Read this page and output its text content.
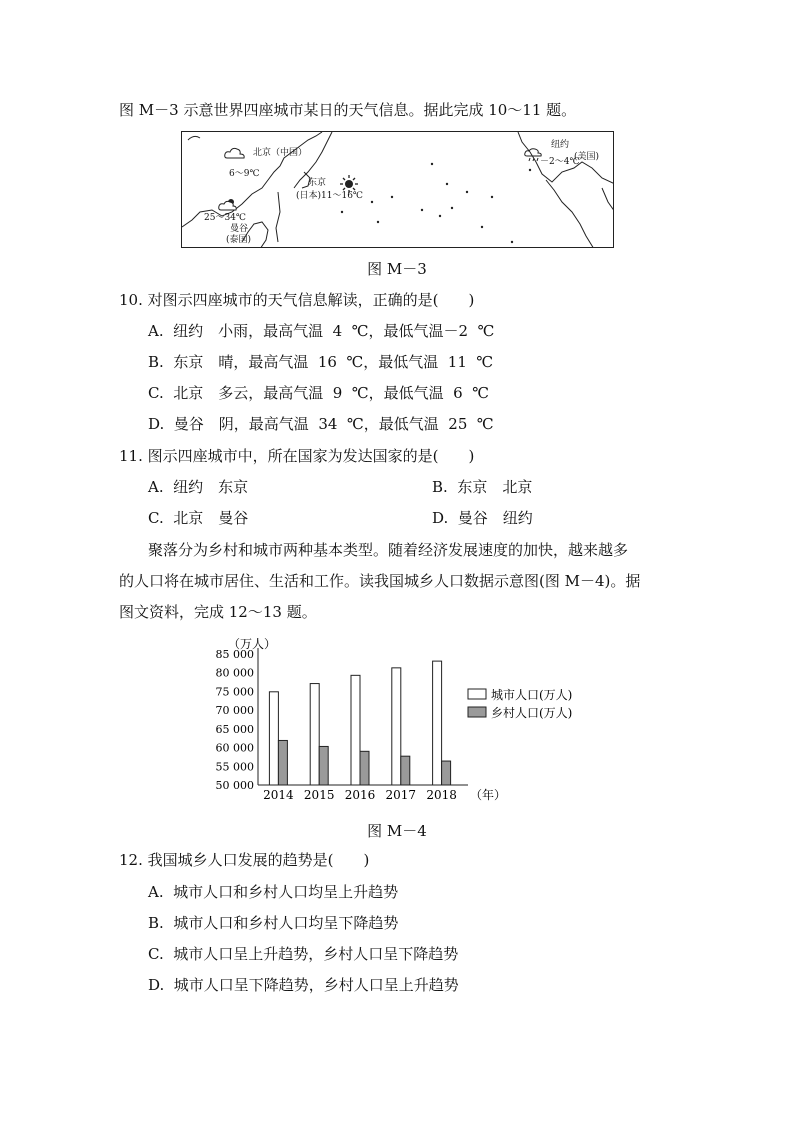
图 M－3 示意世界四座城市某日的天气信息。据此完成 10～11 题。
北京（中国）
6～9℃
东京
(日本)11～16℃
纽约
(美国)
－2～4℃
25～34℃
曼谷
(泰国)
图 M－3
10. 对图示四座城市的天气信息解读，正确的是(　　)
A.  纽约　小雨，最高气温  4  ℃，最低气温－2  ℃
B.  东京　晴，最高气温  16  ℃，最低气温  11  ℃
C.  北京　多云，最高气温  9  ℃，最低气温  6  ℃
D.  曼谷　阴，最高气温  34  ℃，最低气温  25  ℃
11. 图示四座城市中，所在国家为发达国家的是(　　)
A.  纽约　东京	B.  东京　北京
C.  北京　曼谷	D.  曼谷　纽约
聚落分为乡村和城市两种基本类型。随着经济发展速度的加快，越来越多
的人口将在城市居住、生活和工作。读我国城乡人口数据示意图(图 M－4)。据
图文资料，完成 12～13 题。
（万人）
85 000
80 000
75 000
70 000
65 000
60 000
55 000
50 000
2014 2015 2016 2017 2018 （年）
城市人口(万人)
乡村人口(万人)
图 M－4
12. 我国城乡人口发展的趋势是(　　)
A.  城市人口和乡村人口均呈上升趋势
B.  城市人口和乡村人口均呈下降趋势
C.  城市人口呈上升趋势，乡村人口呈下降趋势
D.  城市人口呈下降趋势，乡村人口呈上升趋势
